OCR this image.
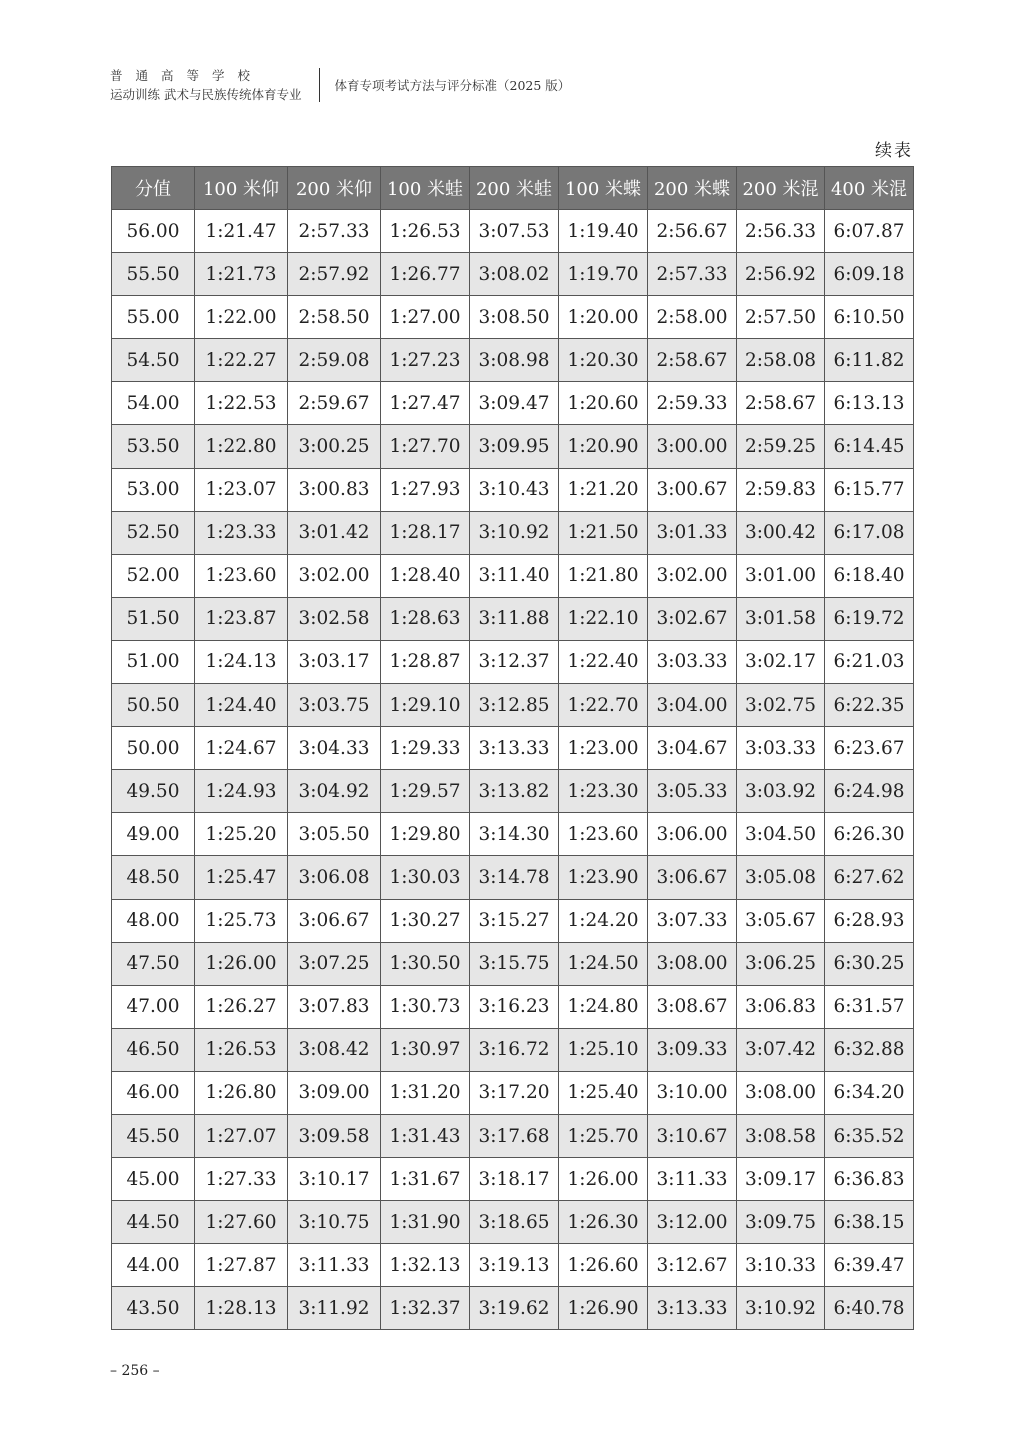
普通高等学校
运动训练 武术与民族传统体育专业
体育专项考试方法与评分标准（2025 版）
续表
分值	100 米仰	200 米仰	100 米蛙	200 米蛙	100 米蝶	200 米蝶	200 米混	400 米混
56.00	1:21.47	2:57.33	1:26.53	3:07.53	1:19.40	2:56.67	2:56.33	6:07.87
55.50	1:21.73	2:57.92	1:26.77	3:08.02	1:19.70	2:57.33	2:56.92	6:09.18
55.00	1:22.00	2:58.50	1:27.00	3:08.50	1:20.00	2:58.00	2:57.50	6:10.50
54.50	1:22.27	2:59.08	1:27.23	3:08.98	1:20.30	2:58.67	2:58.08	6:11.82
54.00	1:22.53	2:59.67	1:27.47	3:09.47	1:20.60	2:59.33	2:58.67	6:13.13
53.50	1:22.80	3:00.25	1:27.70	3:09.95	1:20.90	3:00.00	2:59.25	6:14.45
53.00	1:23.07	3:00.83	1:27.93	3:10.43	1:21.20	3:00.67	2:59.83	6:15.77
52.50	1:23.33	3:01.42	1:28.17	3:10.92	1:21.50	3:01.33	3:00.42	6:17.08
52.00	1:23.60	3:02.00	1:28.40	3:11.40	1:21.80	3:02.00	3:01.00	6:18.40
51.50	1:23.87	3:02.58	1:28.63	3:11.88	1:22.10	3:02.67	3:01.58	6:19.72
51.00	1:24.13	3:03.17	1:28.87	3:12.37	1:22.40	3:03.33	3:02.17	6:21.03
50.50	1:24.40	3:03.75	1:29.10	3:12.85	1:22.70	3:04.00	3:02.75	6:22.35
50.00	1:24.67	3:04.33	1:29.33	3:13.33	1:23.00	3:04.67	3:03.33	6:23.67
49.50	1:24.93	3:04.92	1:29.57	3:13.82	1:23.30	3:05.33	3:03.92	6:24.98
49.00	1:25.20	3:05.50	1:29.80	3:14.30	1:23.60	3:06.00	3:04.50	6:26.30
48.50	1:25.47	3:06.08	1:30.03	3:14.78	1:23.90	3:06.67	3:05.08	6:27.62
48.00	1:25.73	3:06.67	1:30.27	3:15.27	1:24.20	3:07.33	3:05.67	6:28.93
47.50	1:26.00	3:07.25	1:30.50	3:15.75	1:24.50	3:08.00	3:06.25	6:30.25
47.00	1:26.27	3:07.83	1:30.73	3:16.23	1:24.80	3:08.67	3:06.83	6:31.57
46.50	1:26.53	3:08.42	1:30.97	3:16.72	1:25.10	3:09.33	3:07.42	6:32.88
46.00	1:26.80	3:09.00	1:31.20	3:17.20	1:25.40	3:10.00	3:08.00	6:34.20
45.50	1:27.07	3:09.58	1:31.43	3:17.68	1:25.70	3:10.67	3:08.58	6:35.52
45.00	1:27.33	3:10.17	1:31.67	3:18.17	1:26.00	3:11.33	3:09.17	6:36.83
44.50	1:27.60	3:10.75	1:31.90	3:18.65	1:26.30	3:12.00	3:09.75	6:38.15
44.00	1:27.87	3:11.33	1:32.13	3:19.13	1:26.60	3:12.67	3:10.33	6:39.47
43.50	1:28.13	3:11.92	1:32.37	3:19.62	1:26.90	3:13.33	3:10.92	6:40.78
– 256 –
